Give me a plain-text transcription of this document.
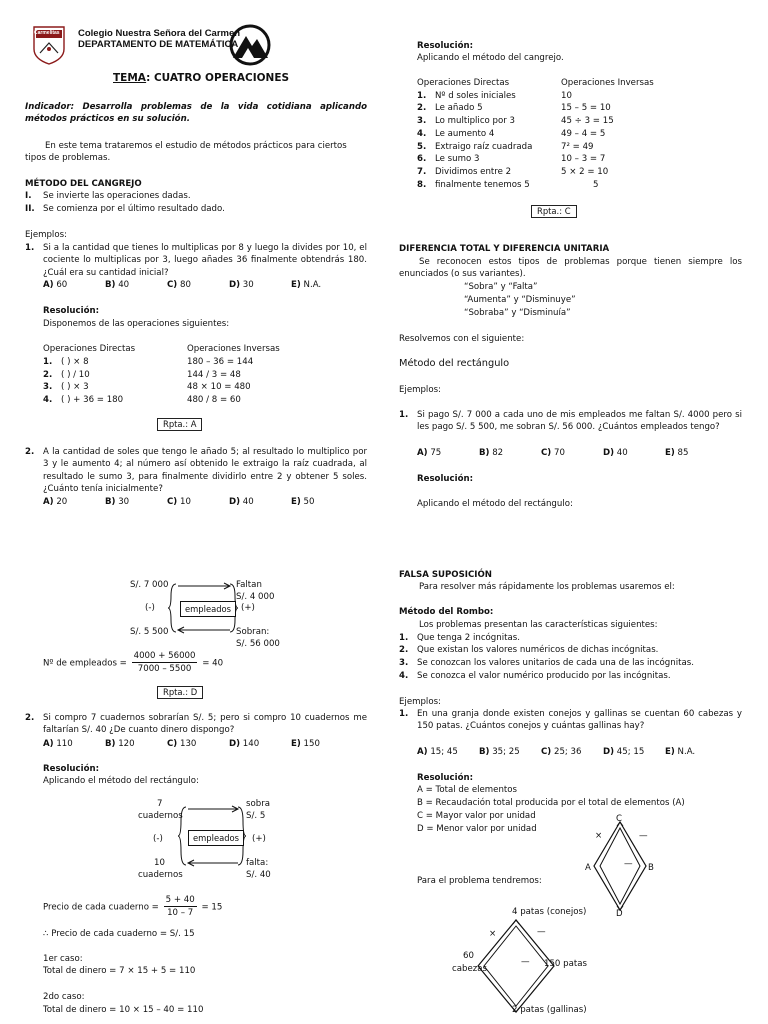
Carmelitas Colegio Nuestra Señora del Carmen
DEPARTAMENTO DE MATEMÁTICA
TEMA: CUATRO OPERACIONES
Indicador: Desarrolla problemas de la vida cotidiana aplicando métodos prácticos en su solución.
En este tema trataremos el estudio de métodos prácticos para ciertos tipos de problemas.
MÉTODO DEL CANGREJO
I. Se invierte las operaciones dadas.
II. Se comienza por el último resultado dado.
Ejemplos:
1. Si a la cantidad que tienes lo multiplicas por 8 y luego la divides por 10, el cociente lo multiplicas por 3, luego añades 36 finalmente obtendrás 180. ¿Cuál era su cantidad inicial?
A) 60	B) 40	C) 80	D) 30	E) N.A.
Resolución:
Disponemos de las operaciones siguientes:
Operaciones Directas	Operaciones Inversas
1. ( ) × 8	180 – 36 = 144
2. ( ) / 10	144 / 3 = 48
3. ( ) × 3	48 × 10 = 480
4. ( ) + 36 = 180	480 / 8 = 60
Rpta.: A
2. A la cantidad de soles que tengo le añado 5; al resultado lo multiplico por 3 y le aumento 4; al número así obtenido le extraigo la raíz cuadrada, al resultado le sumo 3, para finalmente dividirlo entre 2 y obtener 5 soles. ¿Cuánto tenía inicialmente?
A) 20	B) 30	C) 10	D) 40	E) 50
S/. 7 000
S/. 5 500
(-)	(+)
empleados
Faltan
S/. 4 000
Sobran:
S/. 56 000
Nº de empleados = $\frac{4000 + 56000}{7000 - 5500} = 40$
Rpta.: D
2. Si compro 7 cuadernos sobrarían S/. 5; pero si compro 10 cuadernos me faltarían S/. 40 ¿De cuanto dinero dispongo?
A) 110	B) 120	C) 130	D) 140	E) 150
Resolución:
Aplicando el método del rectángulo:
7
cuadernos
10
cuadernos
(-)	(+)
empleados
sobra
S/. 5
falta:
S/. 40
Precio de cada cuaderno = $\frac{5 + 40}{10 - 7} = 15$
∴ Precio de cada cuaderno = S/. 15
1er caso:
Total de dinero = 7 × 15 + 5 = 110
2do caso:
Total de dinero = 10 × 15 – 40 = 110
Resolución:
Aplicando el método del cangrejo.
Operaciones Directas	Operaciones Inversas
1. Nº d soles iniciales	10
2. Le añado 5	15 – 5 = 10
3. Lo multiplico por 3	45 ÷ 3 = 15
4. Le aumento 4	49 – 4 = 5
5. Extraigo raíz cuadrada	7² = 49
6. Le sumo 3	10 – 3 = 7
7. Dividimos entre 2	5 × 2 = 10
8. finalmente tenemos 5	5
Rpta.: C
DIFERENCIA TOTAL Y DIFERENCIA UNITARIA
Se reconocen estos tipos de problemas porque tienen siempre los enunciados (o sus variantes).
“Sobra” y “Falta”
“Aumenta” y “Disminuye”
“Sobraba” y “Disminuía”
Resolvemos con el siguiente:
Método del rectángulo
Ejemplos:
1. Si pago S/. 7 000 a cada uno de mis empleados me faltan S/. 4000 pero si les pago S/. 5 500, me sobran S/. 56 000. ¿Cuántos empleados tengo?
A) 75	B) 82	C) 70	D) 40	E) 85
Resolución:
Aplicando el método del rectángulo:
FALSA SUPOSICIÓN
Para resolver más rápidamente los problemas usaremos el:
Método del Rombo:
Los problemas presentan las características siguientes:
1. Que tenga 2 incógnitas.
2. Que existan los valores numéricos de dichas incógnitas.
3. Se conozcan los valores unitarios de cada una de las incógnitas.
4. Se conozca el valor numérico producido por las incógnitas.
Ejemplos:
1. En una granja donde existen conejos y gallinas se cuentan 60 cabezas y 150 patas. ¿Cuántos conejos y cuántas gallinas hay?
A) 15; 45 B) 35; 25 C) 25; 36	D) 45; 15 E) N.A.
Resolución:
A = Total de elementos
B = Recaudación total producida por el total de elementos (A)
C = Mayor valor por unidad
D = Menor valor por unidad
Para el problema tendremos:
C
A	B
D
×	—
—
4 patas (conejos)
60
cabezas	150 patas
2 patas (gallinas)
×	—
—
